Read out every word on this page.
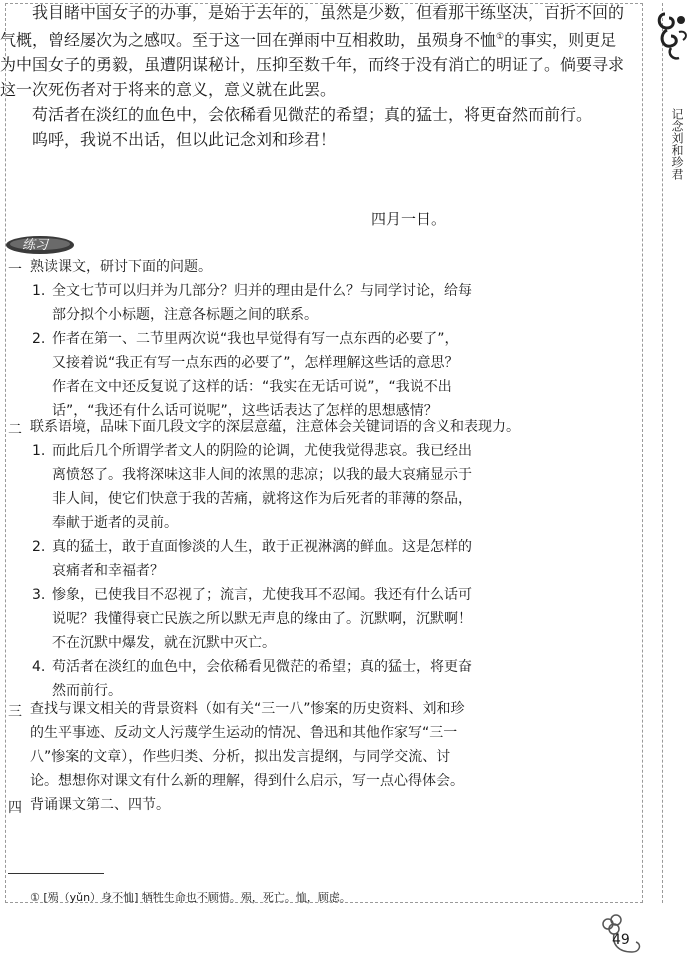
记念刘和珍君
我目睹中国女子的办事，是始于去年的，虽然是少数，但看那干练坚决，百折不回的气概，曾经屡次为之感叹。至于这一回在弹雨中互相救助，虽殒身不恤①的事实，则更足为中国女子的勇毅，虽遭阴谋秘计，压抑至数千年，而终于没有消亡的明证了。倘要寻求这一次死伤者对于将来的意义，意义就在此罢。
苟活者在淡红的血色中，会依稀看见微茫的希望；真的猛士，将更奋然而前行。
呜呼，我说不出话，但以此记念刘和珍君！
四月一日。
练习
一 熟读课文，研讨下面的问题。
1. 全文七节可以归并为几部分？归并的理由是什么？与同学讨论，给每部分拟个小标题，注意各标题之间的联系。
2. 作者在第一、二节里两次说“我也早觉得有写一点东西的必要了”，又接着说“我正有写一点东西的必要了”，怎样理解这些话的意思？作者在文中还反复说了这样的话：“我实在无话可说”，“我说不出话”，“我还有什么话可说呢”，这些话表达了怎样的思想感情？
二 联系语境，品味下面几段文字的深层意蕴，注意体会关键词语的含义和表现力。
1. 而此后几个所谓学者文人的阴险的论调，尤使我觉得悲哀。我已经出离愤怒了。我将深味这非人间的浓黑的悲凉；以我的最大哀痛显示于非人间，使它们快意于我的苦痛，就将这作为后死者的菲薄的祭品，奉献于逝者的灵前。
2. 真的猛士，敢于直面惨淡的人生，敢于正视淋漓的鲜血。这是怎样的哀痛者和幸福者？
3. 惨象，已使我目不忍视了；流言，尤使我耳不忍闻。我还有什么话可说呢？我懂得衰亡民族之所以默无声息的缘由了。沉默啊，沉默啊！不在沉默中爆发，就在沉默中灭亡。
4. 苟活者在淡红的血色中，会依稀看见微茫的希望；真的猛士，将更奋然而前行。
三 查找与课文相关的背景资料（如有关“三一八”惨案的历史资料、刘和珍的生平事迹、反动文人污蔑学生运动的情况、鲁迅和其他作家写“三一八”惨案的文章），作些归类、分析，拟出发言提纲，与同学交流、讨论。想想你对课文有什么新的理解，得到什么启示，写一点心得体会。
四 背诵课文第二、四节。
① [殒（yǔn）身不恤] 牺牲生命也不顾惜。殒，死亡。恤，顾虑。
49
